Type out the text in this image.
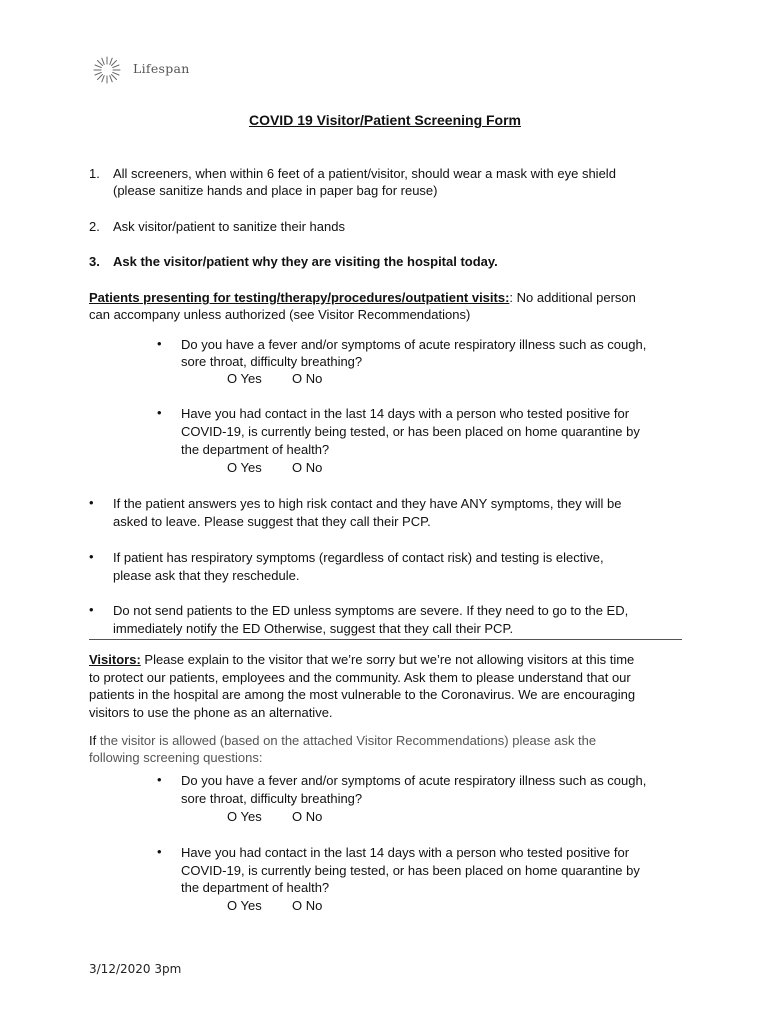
Lifespan
COVID 19 Visitor/Patient Screening Form
1.	All screeners, when within 6 feet of a patient/visitor, should wear a mask with eye shield
(please sanitize hands and place in paper bag for reuse)
2.	Ask visitor/patient to sanitize their hands
3.	Ask the visitor/patient why they are visiting the hospital today.
Patients presenting for testing/therapy/procedures/outpatient visits:: No additional person
can accompany unless authorized (see Visitor Recommendations)
• Do you have a fever and/or symptoms of acute respiratory illness such as cough,
sore throat, difficulty breathing?
O Yes O No
• Have you had contact in the last 14 days with a person who tested positive for
COVID-19, is currently being tested, or has been placed on home quarantine by
the department of health?
O Yes O No
• If the patient answers yes to high risk contact and they have ANY symptoms, they will be
asked to leave. Please suggest that they call their PCP.
• If patient has respiratory symptoms (regardless of contact risk) and testing is elective,
please ask that they reschedule.
• Do not send patients to the ED unless symptoms are severe. If they need to go to the ED,
immediately notify the ED Otherwise, suggest that they call their PCP.
Visitors: Please explain to the visitor that we’re sorry but we’re not allowing visitors at this time
to protect our patients, employees and the community. Ask them to please understand that our
patients in the hospital are among the most vulnerable to the Coronavirus. We are encouraging
visitors to use the phone as an alternative.
If the visitor is allowed (based on the attached Visitor Recommendations) please ask the
following screening questions:
• Do you have a fever and/or symptoms of acute respiratory illness such as cough,
sore throat, difficulty breathing?
O Yes O No
• Have you had contact in the last 14 days with a person who tested positive for
COVID-19, is currently being tested, or has been placed on home quarantine by
the department of health?
O Yes O No
3/12/2020 3pm
